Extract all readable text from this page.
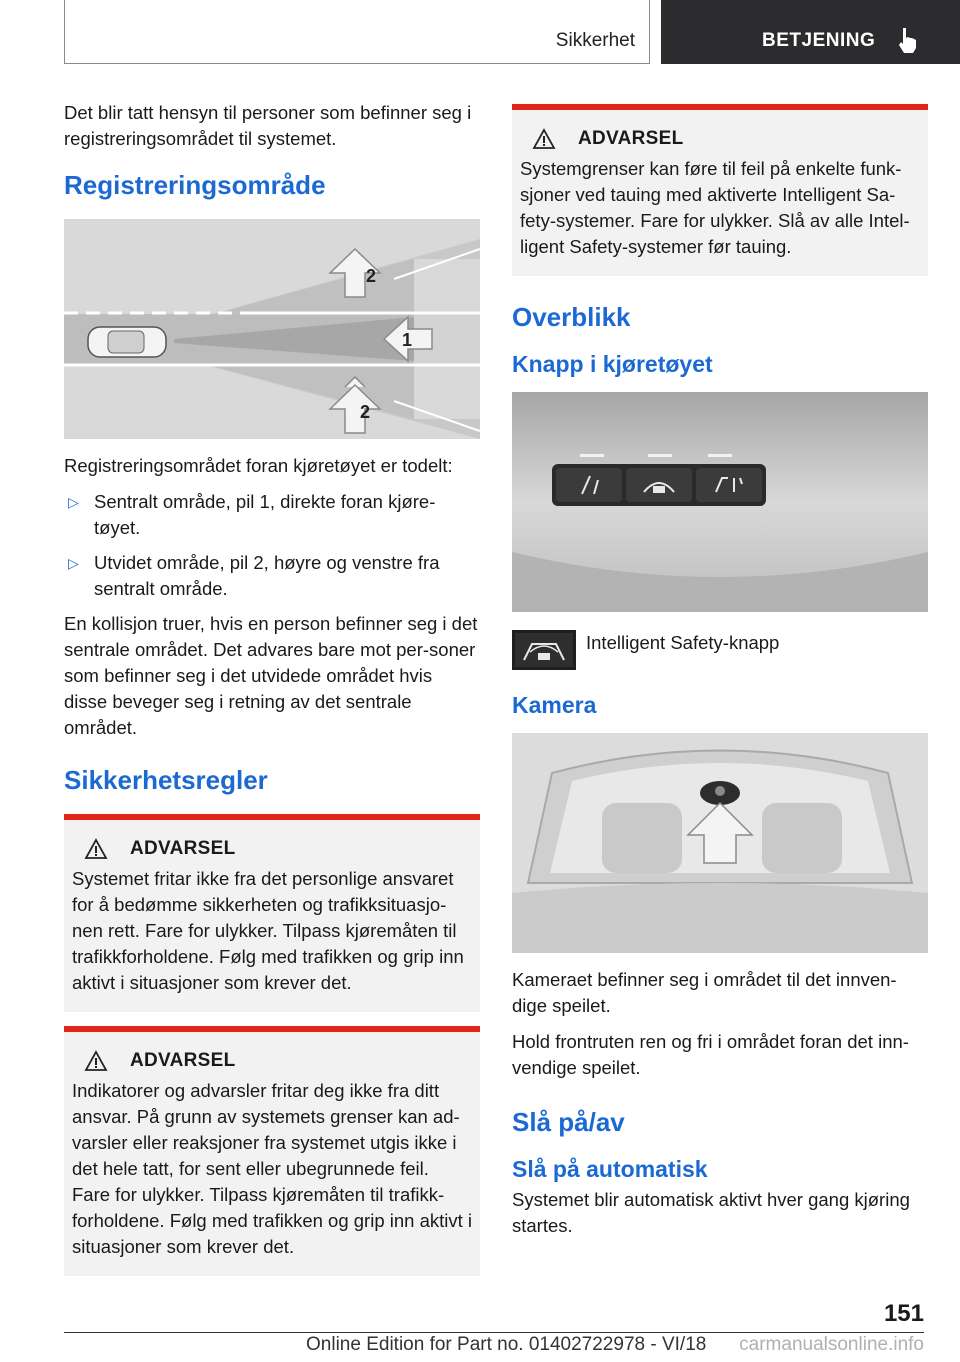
Sikkerhet	BETJENING

Det blir tatt hensyn til personer som befinner seg i registreringsområdet til systemet.

Registreringsområde
2
1
2

Registreringsområdet foran kjøretøyet er todelt:

▷ Sentralt område, pil 1, direkte foran kjøre-tøyet.
▷ Utvidet område, pil 2, høyre og venstre fra sentralt område.

En kollisjon truer, hvis en person befinner seg i det sentrale området. Det advares bare mot per-soner som befinner seg i det utvidede området hvis disse beveger seg i retning av det sentrale området.

Sikkerhetsregler
ADVARSEL

Systemet fritar ikke fra det personlige ansvaret for å bedømme sikkerheten og trafikksituasjo-nen rett. Fare for ulykker. Tilpass kjøremåten til trafikkforholdene. Følg med trafikken og grip inn aktivt i situasjoner som krever det.

ADVARSEL

Indikatorer og advarsler fritar deg ikke fra ditt ansvar. På grunn av systemets grenser kan ad-varsler eller reaksjoner fra systemet utgis ikke i det hele tatt, for sent eller ubegrunnede feil. Fare for ulykker. Tilpass kjøremåten til trafikk-forholdene. Følg med trafikken og grip inn aktivt i situasjoner som krever det.

ADVARSEL

Systemgrenser kan føre til feil på enkelte funk-sjoner ved tauing med aktiverte Intelligent Sa-fety-systemer. Fare for ulykker. Slå av alle Intel-ligent Safety-systemer før tauing.

Overblikk
Knapp i kjøretøyet

Intelligent Safety-knapp

Kamera

Kameraet befinner seg i området til det innven-dige speilet.

Hold frontruten ren og fri i området foran det inn-vendige speilet.

Slå på/av
Slå på automatisk

Systemet blir automatisk aktivt hver gang kjøring startes.

151
Online Edition for Part no. 01402722978 - VI/18 carmanualsonline.info
